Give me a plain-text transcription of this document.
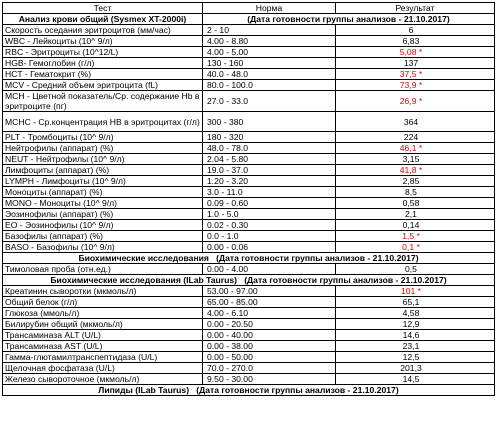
Тест	Норма	Результат
Анализ крови общий (Sysmex XT-2000i)	(Дата готовности группы анализов - 21.10.2017)	
Скорость оседания эритроцитов (мм/час)	2 - 10	6
WBC - Лейкоциты (10^ 9/л)	4.00 - 8.80	6,83
RBC - Эритроциты (10^12/L)	4.00 - 5.00	5,08 *
HGB- Гемоглобин (г/л)	130 - 160	137
HCT - Гематокрит (%)	40.0 - 48.0	37,5 *
MCV - Средний объем эритроцита (fL)	80.0 - 100.0	73,9 *
MCH - Цветной показатель/Ср. содержание Hb в эритроците (пг)	27.0 - 33.0	26,9 *
MCHC - Ср.концентрация HB в эритроцитах (г/л)	300 - 380	364
PLT - Тромбоциты (10^ 9/л)	180 - 320	224
Нейтрофилы (аппарат) (%)	48.0 - 78.0	46,1 *
NEUT - Нейтрофилы (10^ 9/л)	2.04 - 5.80	3,15
Лимфоциты (аппарат) (%)	19.0 - 37.0	41,8 *
LYMPH - Лимфоциты (10^ 9/л)	1.20 - 3.20	2,85
Моноциты (аппарат) (%)	3.0 - 11.0	8,5
MONO - Моноциты (10^ 9/л)	0.09 - 0.60	0,58
Эозинофилы (аппарат) (%)	1.0 - 5.0	2,1
EO - Эозинофилы (10^ 9/л)	0.02 - 0.30	0,14
Базофилы (аппарат) (%)	0.0 - 1.0	1,5 *
BASO - Базофилы (10^ 9/л)	0.00 - 0.06	0,1 *
Биохимические исследования (Дата готовности группы анализов - 21.10.2017)		
Тимоловая проба (отн.ед.)	0.00 - 4.00	0,5
Биохимические исследования (ILab Taurus) (Дата готовности группы анализов - 21.10.2017)		
Креатинин сыворотки (мкмоль/л)	53.00 - 97.00	101 *
Общий белок (г/л)	65.00 - 85.00	65,1
Глюкоза (ммоль/л)	4.00 - 6.10	4,58
Билирубин общий (мкмоль/л)	0.00 - 20.50	12,9
Трансаминаза ALT (U/L)	0.00 - 40.00	14,6
Трансаминаза AST (U/L)	0.00 - 38.00	23,1
Гамма-глютамилтранспептидаза (U/L)	0.00 - 50.00	12,5
Щелочная фосфатаза (U/L)	70.0 - 270.0	201,3
Железо сывороточное (мкмоль/л)	9.50 - 30.00	14,5
Липиды (ILab Taurus) (Дата готовности группы анализов - 21.10.2017)		
